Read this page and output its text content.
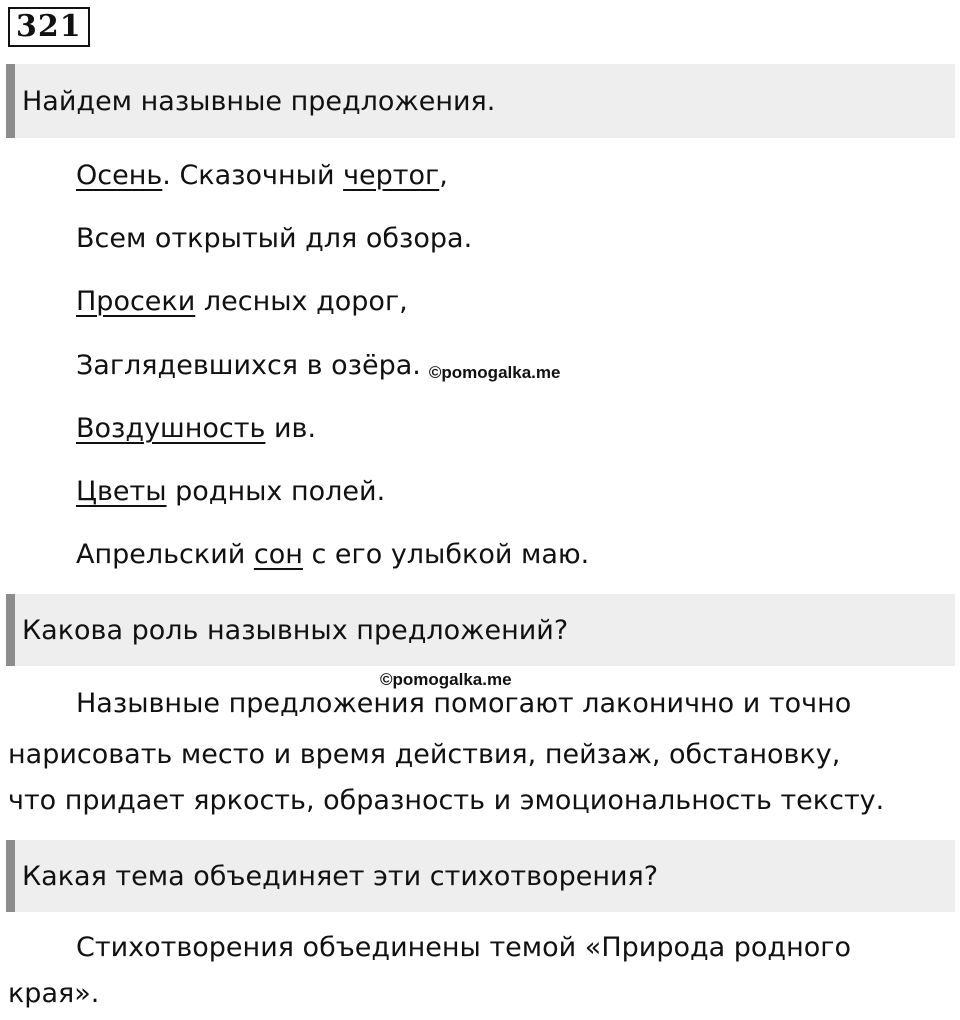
321
Найдем назывные предложения.
Осень. Сказочный чертог,
Всем открытый для обзора.
Просеки лесных дорог,
Заглядевшихся в озёра. ©pomogalka.me
Воздушность ив.
Цветы родных полей.
Апрельский сон с его улыбкой маю.
Какова роль назывных предложений?
©pomogalka.me
Назывные предложения помогают лаконично и точно
нарисовать место и время действия, пейзаж, обстановку,
что придает яркость, образность и эмоциональность тексту.
Какая тема объединяет эти стихотворения?
Стихотворения объединены темой «Природа родного
края».
